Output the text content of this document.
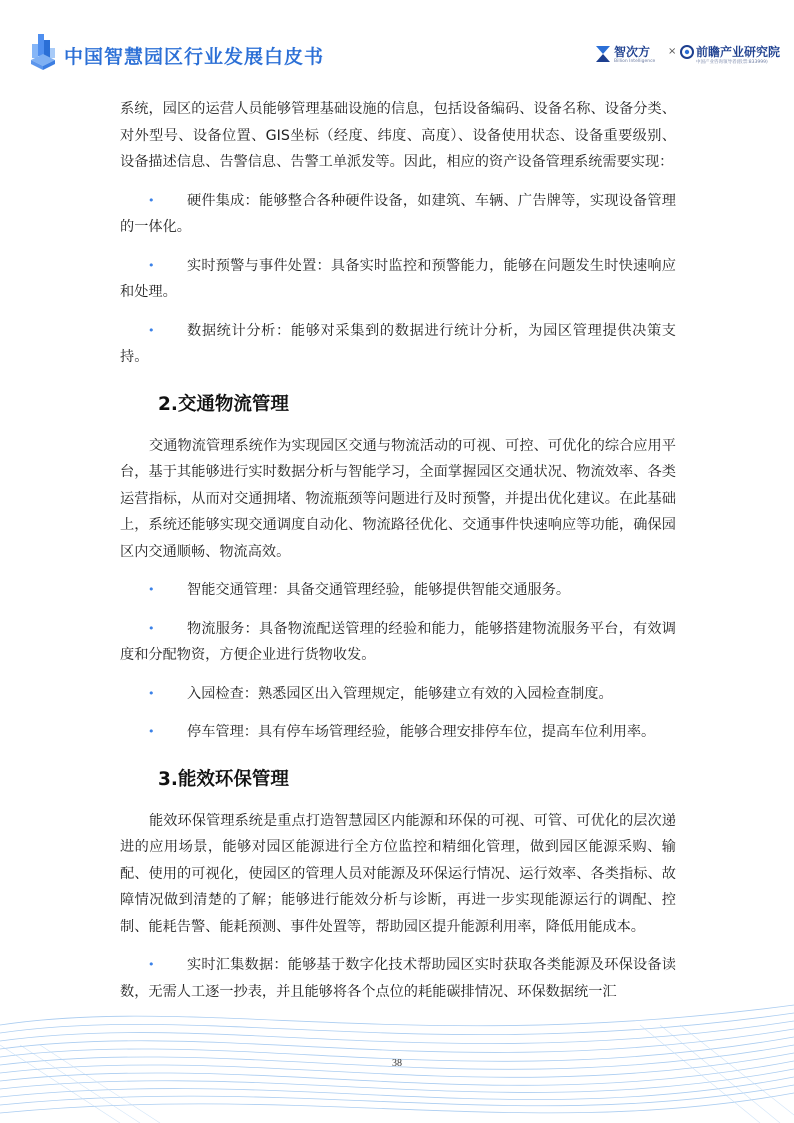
中国智慧园区行业发展白皮书	智次方
Billion Intelligence
× 前瞻产业研究院
中国产业咨询领导者(股票:833999)

系统，园区的运营人员能够管理基础设施的信息，包括设备编码、设备名称、设备分类、对外型号、设备位置、GIS坐标（经度、纬度、高度）、设备使用状态、设备重要级别、设备描述信息、告警信息、告警工单派发等。因此，相应的资产设备管理系统需要实现：

• 硬件集成：能够整合各种硬件设备，如建筑、车辆、广告牌等，实现设备管理的一体化。

• 实时预警与事件处置：具备实时监控和预警能力，能够在问题发生时快速响应和处理。

• 数据统计分析：能够对采集到的数据进行统计分析，为园区管理提供决策支持。

2.交通物流管理

交通物流管理系统作为实现园区交通与物流活动的可视、可控、可优化的综合应用平台，基于其能够进行实时数据分析与智能学习，全面掌握园区交通状况、物流效率、各类运营指标，从而对交通拥堵、物流瓶颈等问题进行及时预警，并提出优化建议。在此基础上，系统还能够实现交通调度自动化、物流路径优化、交通事件快速响应等功能，确保园区内交通顺畅、物流高效。

• 智能交通管理：具备交通管理经验，能够提供智能交通服务。

• 物流服务：具备物流配送管理的经验和能力，能够搭建物流服务平台，有效调度和分配物资，方便企业进行货物收发。

• 入园检查：熟悉园区出入管理规定，能够建立有效的入园检查制度。

• 停车管理：具有停车场管理经验，能够合理安排停车位，提高车位利用率。

3.能效环保管理

能效环保管理系统是重点打造智慧园区内能源和环保的可视、可管、可优化的层次递进的应用场景，能够对园区能源进行全方位监控和精细化管理，做到园区能源采购、输配、使用的可视化，使园区的管理人员对能源及环保运行情况、运行效率、各类指标、故障情况做到清楚的了解；能够进行能效分析与诊断，再进一步实现能源运行的调配、控制、能耗告警、能耗预测、事件处置等，帮助园区提升能源利用率，降低用能成本。

• 实时汇集数据：能够基于数字化技术帮助园区实时获取各类能源及环保设备读数，无需人工逐一抄表，并且能够将各个点位的耗能碳排情况、环保数据统一汇

38
